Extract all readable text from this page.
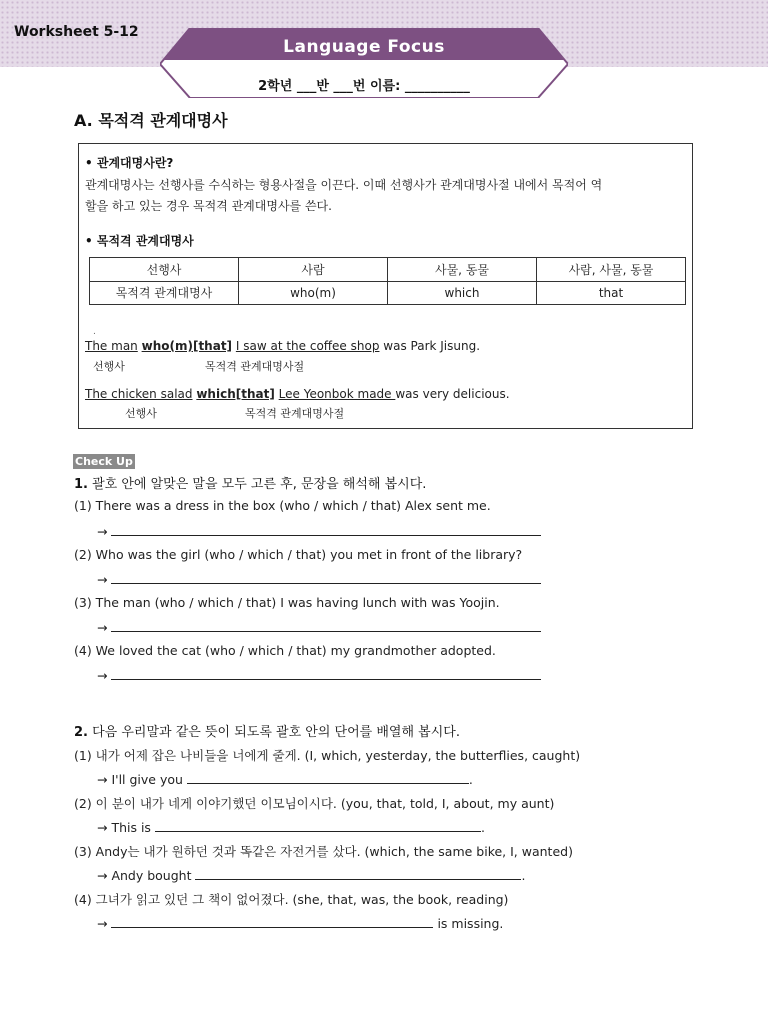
Worksheet 5-12
Language Focus
2학년 ___반 ___번 이름: __________
A. 목적격 관계대명사
• 관계대명사란?
관계대명사는 선행사를 수식하는 형용사절을 이끈다. 이때 선행사가 관계대명사절 내에서 목적어 역
할을 하고 있는 경우 목적격 관계대명사를 쓴다.
• 목적격 관계대명사
선행사	사람	사물, 동물	사람, 사물, 동물
목적격 관계대명사	who(m)	which	that
.
The man who(m)[that] I saw at the coffee shop was Park Jisung.
선행사	목적격 관계대명사절
The chicken salad which[that] Lee Yeonbok made was very delicious.
선행사	목적격 관계대명사절
Check Up
1. 괄호 안에 알맞은 말을 모두 고른 후, 문장을 해석해 봅시다.
(1) There was a dress in the box (who / which / that) Alex sent me.
→
(2) Who was the girl (who / which / that) you met in front of the library?
→
(3) The man (who / which / that) I was having lunch with was Yoojin.
→
(4) We loved the cat (who / which / that) my grandmother adopted.
→
2. 다음 우리말과 같은 뜻이 되도록 괄호 안의 단어를 배열해 봅시다.
(1) 내가 어제 잡은 나비들을 너에게 줄게. (I, which, yesterday, the butterflies, caught)
→ I'll give you	.
(2) 이 분이 내가 네게 이야기했던 이모님이시다. (you, that, told, I, about, my aunt)
→ This is	.
(3) Andy는 내가 원하던 것과 똑같은 자전거를 샀다. (which, the same bike, I, wanted)
→ Andy bought	.
(4) 그녀가 읽고 있던 그 책이 없어졌다. (she, that, was, the book, reading)
→	is missing.
